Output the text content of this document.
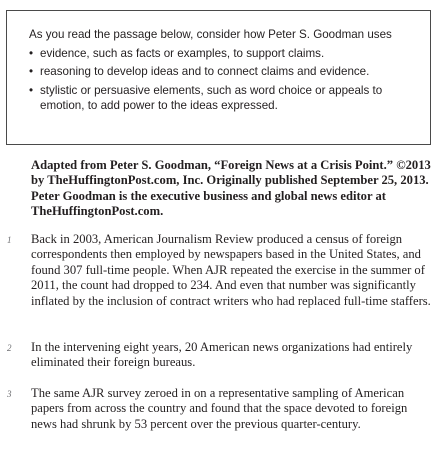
As you read the passage below, consider how Peter S. Goodman uses

• evidence, such as facts or examples, to support claims.
• reasoning to develop ideas and to connect claims and evidence.
• stylistic or persuasive elements, such as word choice or appeals to emotion, to add power to the ideas expressed.

Adapted from Peter S. Goodman, “Foreign News at a Crisis Point.” ©2013 by TheHuffingtonPost.com, Inc. Originally published September 25, 2013. Peter Goodman is the executive business and global news editor at TheHuffingtonPost.com.

1 Back in 2003, American Journalism Review produced a census of foreign correspondents then employed by newspapers based in the United States, and found 307 full-time people. When AJR repeated the exercise in the summer of 2011, the count had dropped to 234. And even that number was significantly inflated by the inclusion of contract writers who had replaced full-time staffers.
2 In the intervening eight years, 20 American news organizations had entirely eliminated their foreign bureaus.
3 The same AJR survey zeroed in on a representative sampling of American papers from across the country and found that the space devoted to foreign news had shrunk by 53 percent over the previous quarter-century.
